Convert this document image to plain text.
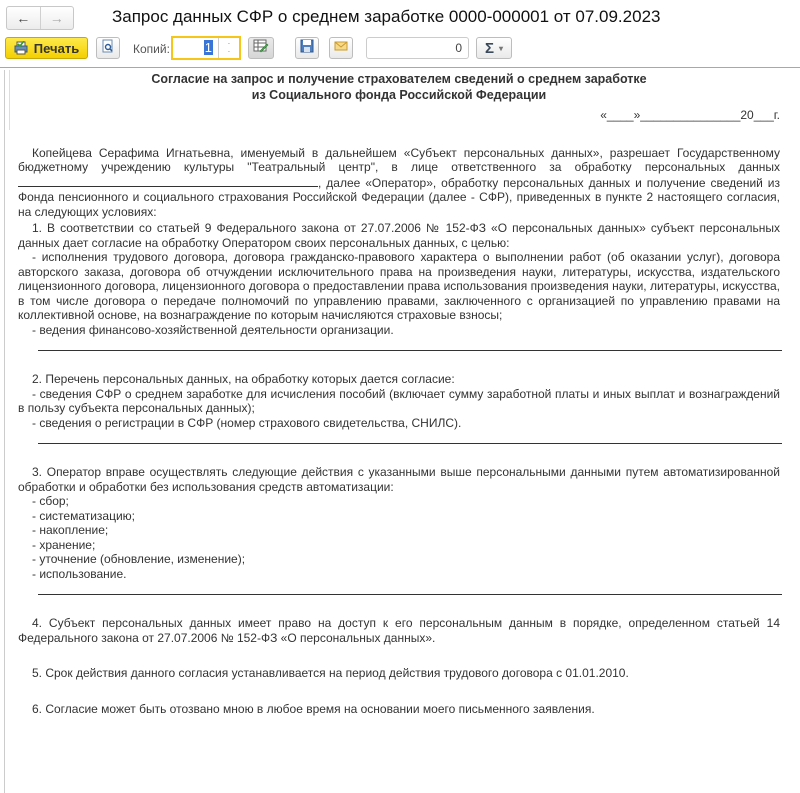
←	→	Запрос данных СФР о среднем заработке 0000-000001 от 07.09.2023
Печать	Копий:	1 ·
·	0	Σ ▾
Согласие на запрос и получение страхователем сведений о среднем заработке
из Социального фонда Российской Федерации
«____»_______________20___г.

Копейцева Серафима Игнатьевна, именуемый в дальнейшем «Субъект персональных данных», разрешает Государственному бюджетному учреждению культуры "Театральный центр", в лице ответственного за обработку персональных данных , далее «Оператор», обработку персональных данных и получение сведений из Фонда пенсионного и социального страхования Российской Федерации (далее - СФР), приведенных в пункте 2 настоящего согласия, на следующих условиях:

1. В соответствии со статьей 9 Федерального закона от 27.07.2006 № 152-ФЗ «О персональных данных» субъект персональных данных дает согласие на обработку Оператором своих персональных данных, с целью:

- исполнения трудового договора, договора гражданско-правового характера о выполнении работ (об оказании услуг), договора авторского заказа, договора об отчуждении исключительного права на произведения науки, литературы, искусства, издательского лицензионного договора, лицензионного договора о предоставлении права использования произведения науки, литературы, искусства, в том числе договора о передаче полномочий по управлению правами, заключенного с организацией по управлению правами на коллективной основе, на вознаграждение по которым начисляются страховые взносы;

- ведения финансово-хозяйственной деятельности организации.

2. Перечень персональных данных, на обработку которых дается согласие:

- сведения СФР о среднем заработке для исчисления пособий (включает сумму заработной платы и иных выплат и вознаграждений в пользу субъекта персональных данных);

- сведения о регистрации в СФР (номер страхового свидетельства, СНИЛС).

3. Оператор вправе осуществлять следующие действия с указанными выше персональными данными путем автоматизированной обработки и обработки без использования средств автоматизации:

- сбор;

- систематизацию;

- накопление;

- хранение;

- уточнение (обновление, изменение);

- использование.

4. Субъект персональных данных имеет право на доступ к его персональным данным в порядке, определенном статьей 14 Федерального закона от 27.07.2006 № 152-ФЗ «О персональных данных».

5. Срок действия данного согласия устанавливается на период действия трудового договора с 01.01.2010.

6. Согласие может быть отозвано мною в любое время на основании моего письменного заявления.
